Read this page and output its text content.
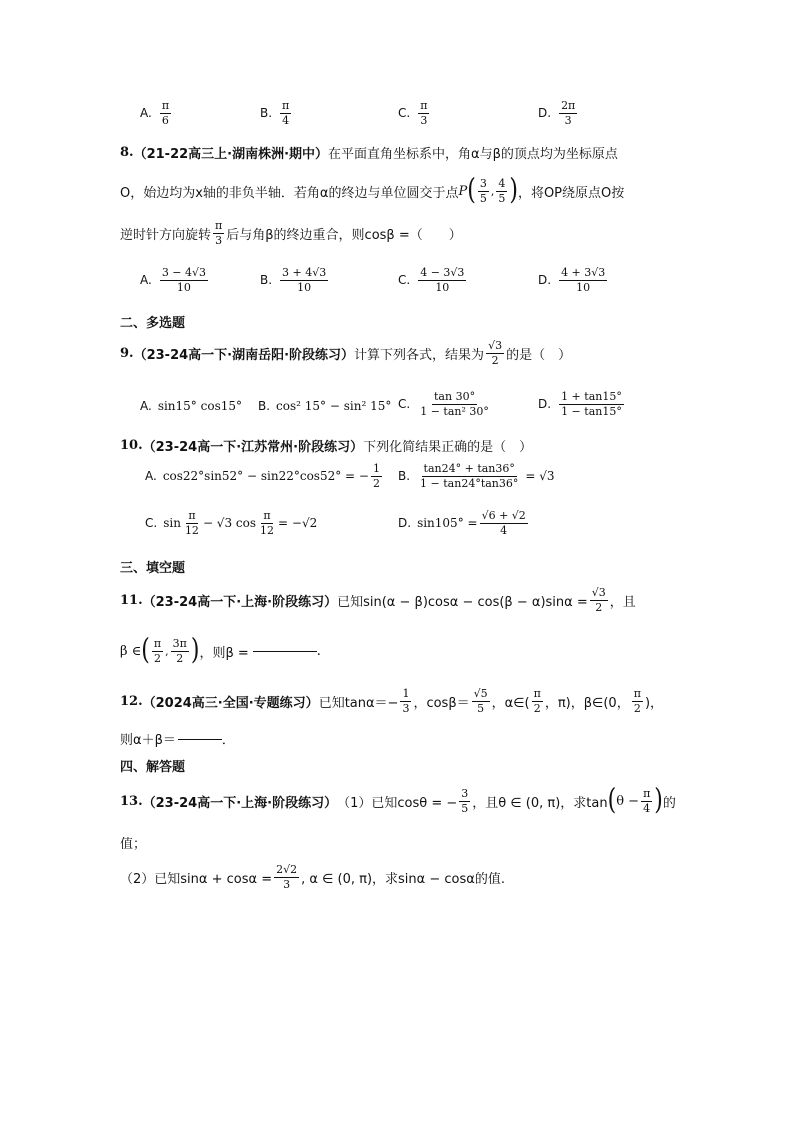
A. $\frac{\pi}{6}$	B. $\frac{\pi}{4}$	C. $\frac{\pi}{3}$	D. $\frac{2\pi}{3}$
8. （21-22高三上·湖南株洲·期中） 在平面直角坐标系中，角α与β的顶点均为坐标原点
O，始边均为x轴的非负半轴．若角α的终边与单位圆交于点 P ( $\frac{3}{5}$ , $\frac{4}{5}$ ) ，将OP绕原点O按
逆时针方向旋转 $\frac{\pi}{3}$ 后与角β的终边重合，则cosβ =（　　）
A. $\frac{3 - 4√3}{10}$	B. $\frac{3 + 4√3}{10}$	C. $\frac{4 - 3√3}{10}$	D. $\frac{4 + 3√3}{10}$
二、多选题
9. （23-24高一下·湖南岳阳·阶段练习） 计算下列各式，结果为 $\frac{√3}{2}$ 的是（　）
A. sin15° cos15° B. cos² 15° − sin² 15° C. $\frac{\tan 30^\circ}{\text{1 − tan² 30°}}$	D. $\frac{1 + \tan 15^\circ}{1 - \tan 15^\circ}$
10. （23-24高一下·江苏常州·阶段练习） 下列化简结果正确的是（　）
A. cos22°sin52° − sin22°cos52° = − $\frac{1}{2} B$. $\frac{\tan 24^\circ + \tan 36^\circ}{1 - \tan 24^\circ\tan 36^\circ} = √3$
C. $\sin \frac{\pi}{12} - √3$ $\cos \frac{\pi}{12} = -√2$	D. $\sin 105^\circ = \frac{√6 + √2}{4}$
三、填空题
11. （23-24高一下·上海·阶段练习） 已知$\sin(\alpha - \beta)\cos\alpha - \cos(\beta - \alpha)\sin\alpha = \frac{√3}{2}$ ，且
β ∈ ( $\frac{\pi}{2}$ , $\frac{3\pi}{2}$ ) ，则β =	.
12. （2024高三·全国·专题练习） 已知$\tan\alpha=- \frac{1}{3}$ ，$\cos\beta= \frac{√5}{5}$ ，α∈( $\frac{\pi}{2}$ ，π)，β∈(0， $\frac{\pi}{2}$ )，
则α＋β＝	．
四、解答题
13. （23-24高一下·上海·阶段练习） （1）已知cosθ = − $\frac{3}{5}$ ，且θ ∈ (0, π)，求tan ( $\theta - \frac{\pi}{4}$ ) 的
值；
（2）已知$\sin\alpha + \cos\alpha = \frac{2√2}{3}$ , α ∈ (0, π)，求sinα − cosα的值.
